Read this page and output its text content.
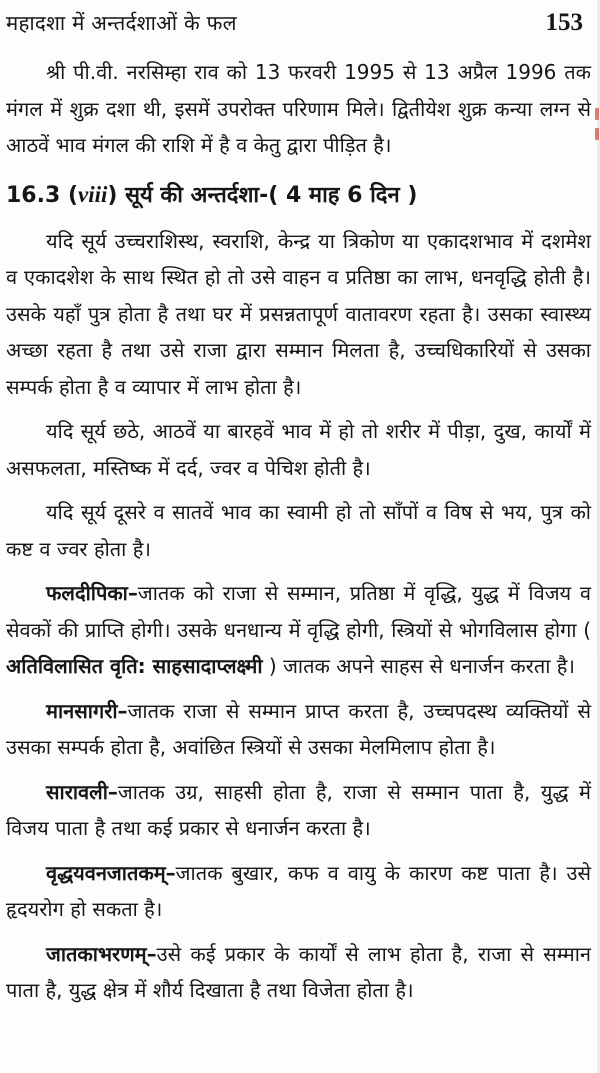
महादशा में अन्तर्दशाओं के फल	153

श्री पी.वी. नरसिम्हा राव को 13 फरवरी 1995 से 13 अप्रैल 1996 तक मंगल में शुक्र दशा थी, इसमें उपरोक्त परिणाम मिले। द्वितीयेश शुक्र कन्या लग्न से आठवें भाव मंगल की राशि में है व केतु द्वारा पीड़ित है।

16.3 (viii) सूर्य की अन्तर्दशा-( 4 माह 6 दिन )

यदि सूर्य उच्चराशिस्थ, स्वराशि, केन्द्र या त्रिकोण या एकादशभाव में दशमेश व एकादशेश के साथ स्थित हो तो उसे वाहन व प्रतिष्ठा का लाभ, धनवृद्धि होती है। उसके यहाँ पुत्र होता है तथा घर में प्रसन्नतापूर्ण वातावरण रहता है। उसका स्वास्थ्य अच्छा रहता है तथा उसे राजा द्वारा सम्मान मिलता है, उच्चधिकारियों से उसका सम्पर्क होता है व व्यापार में लाभ होता है।

यदि सूर्य छठे, आठवें या बारहवें भाव में हो तो शरीर में पीड़ा, दुख, कार्यों में असफलता, मस्तिष्क में दर्द, ज्वर व पेचिश होती है।

यदि सूर्य दूसरे व सातवें भाव का स्वामी हो तो साँपों व विष से भय, पुत्र को कष्ट व ज्वर होता है।

फलदीपिका–जातक को राजा से सम्मान, प्रतिष्ठा में वृद्धि, युद्ध में विजय व सेवकों की प्राप्ति होगी। उसके धनधान्य में वृद्धि होगी, स्त्रियों से भोगविलास होगा ( अतिविलासित वृति: साहसादाप्लक्ष्मी ) जातक अपने साहस से धनार्जन करता है।

मानसागरी–जातक राजा से सम्मान प्राप्त करता है, उच्चपदस्थ व्यक्तियों से उसका सम्पर्क होता है, अवांछित स्त्रियों से उसका मेलमिलाप होता है।

सारावली–जातक उग्र, साहसी होता है, राजा से सम्मान पाता है, युद्ध में विजय पाता है तथा कई प्रकार से धनार्जन करता है।

वृद्धयवनजातकम्–जातक बुखार, कफ व वायु के कारण कष्ट पाता है। उसे हृदयरोग हो सकता है।

जातकाभरणम्–उसे कई प्रकार के कार्यों से लाभ होता है, राजा से सम्मान पाता है, युद्ध क्षेत्र में शौर्य दिखाता है तथा विजेता होता है।
